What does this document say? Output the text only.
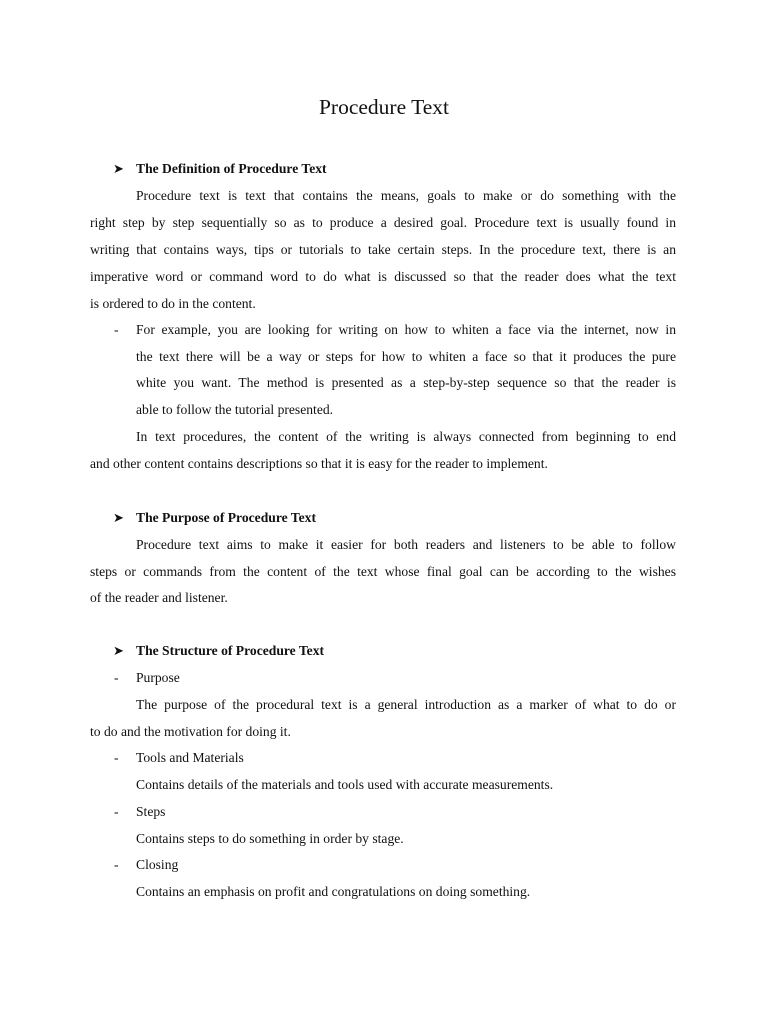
Procedure Text
➤ The Definition of Procedure Text
Procedure text is text that contains the means, goals to make or do something with the
right step by step sequentially so as to produce a desired goal. Procedure text is usually found in
writing that contains ways, tips or tutorials to take certain steps. In the procedure text, there is an
imperative word or command word to do what is discussed so that the reader does what the text
is ordered to do in the content.
- For example, you are looking for writing on how to whiten a face via the internet, now in
the text there will be a way or steps for how to whiten a face so that it produces the pure
white you want. The method is presented as a step-by-step sequence so that the reader is
able to follow the tutorial presented.
In text procedures, the content of the writing is always connected from beginning to end
and other content contains descriptions so that it is easy for the reader to implement.
➤ The Purpose of Procedure Text
Procedure text aims to make it easier for both readers and listeners to be able to follow
steps or commands from the content of the text whose final goal can be according to the wishes
of the reader and listener.
➤ The Structure of Procedure Text
- Purpose
The purpose of the procedural text is a general introduction as a marker of what to do or
to do and the motivation for doing it.
- Tools and Materials
Contains details of the materials and tools used with accurate measurements.
- Steps
Contains steps to do something in order by stage.
- Closing
Contains an emphasis on profit and congratulations on doing something.
